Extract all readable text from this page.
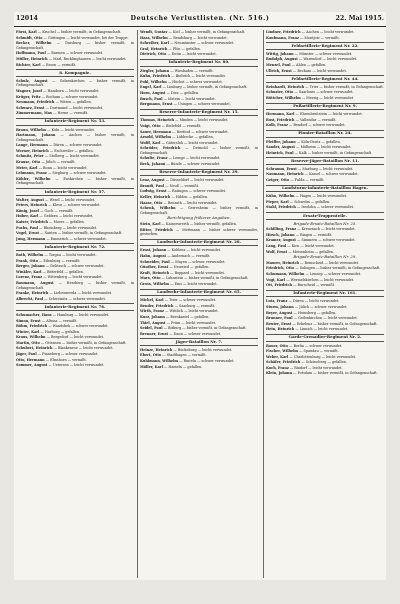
Deutsche Verlustlisten. (Nr. 516.)
12014	22. Mai 1915.
Fürst, Karl — Kruchel — bisher vermißt, in Gefangenschaft.
Schmidt, Otto — Göttingen — leicht verwundet, bei der Truppe.
Becker, Wilhelm — Duisburg — bisher vermißt, in Gefangenschaft.
Hoffmann, Paul — Barmen — schwer verwundet.
Müller, Heinrich — Marl, Recklinghausen — leicht verwundet.
Richter, Karl — Essen — vermißt.
8. Kompagnie.
Schulz, August — Gelsenkirchen — bisher vermißt, in Gefangenschaft.
Wagner, Josef — Hamborn — leicht verwundet.
Krüger, Fritz — Bochum — schwer verwundet.
Neumann, Friedrich — Witten — gefallen.
Schwarz, Ernst — Dortmund — leicht verwundet.
Zimmermann, Max — Herne — vermißt.
Infanterie-Regiment Nr. 53.
Braun, Wilhelm — Köln — leicht verwundet.
Hartmann, Johann — Aachen — bisher vermißt, in Gefangenschaft.
Lange, Hermann — Düren — schwer verwundet.
Werner, Heinrich — Eschweiler — gefallen.
Schmitz, Peter — Stolberg — leicht verwundet.
Krause, Otto — Jülich — vermißt.
Meier, Karl — Bonn — leicht verwundet.
Lehmann, Franz — Siegburg — schwer verwundet.
Köhler, Wilhelm — Euskirchen — bisher vermißt, in Gefangenschaft.
Infanterie-Regiment Nr. 57.
Walter, August — Wesel — leicht verwundet.
Peters, Heinrich — Kleve — schwer verwundet.
König, Josef — Goch — vermißt.
Huber, Karl — Geldern — leicht verwundet.
Kaiser, Friedrich — Moers — gefallen.
Fuchs, Paul — Rheinberg — leicht verwundet.
Vogel, Ernst — Xanten — bisher vermißt, in Gefangenschaft.
Jung, Hermann — Emmerich — schwer verwundet.
Infanterie-Regiment Nr. 72.
Roth, Wilhelm — Torgau — leicht verwundet.
Frank, Otto — Eilenburg — vermißt.
Berger, Johann — Delitzsch — schwer verwundet.
Winkler, Karl — Bitterfeld — gefallen.
Lorenz, Franz — Wittenberg — leicht verwundet.
Baumann, August — Herzberg — bisher vermißt, in Gefangenschaft.
Franke, Heinrich — Liebenwerda — leicht verwundet.
Albrecht, Paul — Schweinitz — schwer verwundet.
Infanterie-Regiment Nr. 76.
Schumacher, Hans — Hamburg — leicht verwundet.
Simon, Ernst — Altona — vermißt.
Böhm, Friedrich — Wandsbek — schwer verwundet.
Winter, Karl — Harburg — gefallen.
Kraus, Wilhelm — Bergedorf — leicht verwundet.
Martin, Otto — Ottensen — bisher vermißt, in Gefangenschaft.
Schubert, Heinrich — Blankenese — leicht verwundet.
Jäger, Paul — Pinneberg — schwer verwundet.
Otto, Hermann — Elmshorn — vermißt.
Sommer, August — Uetersen — leicht verwundet.
Wendt, Gustav — Kiel — bisher vermißt, in Gefangenschaft.
Haas, Wilhelm — Rendsburg — leicht verwundet.
Schreiber, Karl — Neumünster — schwer verwundet.
Graf, Heinrich — Plön — gefallen.
Dietrich, Otto — Eutin — leicht verwundet.
Infanterie-Regiment Nr. 80.
Ziegler, Johann — Wiesbaden — vermißt.
Kuhn, Friedrich — Biebrich — leicht verwundet.
Pohl, Wilhelm — Höchst — schwer verwundet.
Engel, Karl — Limburg — bisher vermißt, in Gefangenschaft.
Horn, August — Diez — gefallen.
Busch, Paul — Idstein — leicht verwundet.
Bergmann, Ernst — Usingen — schwer verwundet.
Reserve-Infanterie-Regiment Nr. 15.
Thomas, Heinrich — Minden — leicht verwundet.
Voigt, Otto — Bielefeld — vermißt.
Sauer, Hermann — Herford — schwer verwundet.
Arnold, Wilhelm — Lübbecke — gefallen.
Wolff, Karl — Gütersloh — leicht verwundet.
Schröder, Friedrich — Detmold — bisher vermißt, in Gefangenschaft.
Schulte, Franz — Lemgo — leicht verwundet.
Beck, Johann — Bünde — schwer verwundet.
Reserve-Infanterie-Regiment Nr. 39.
Lenz, August — Düsseldorf — leicht verwundet.
Brandt, Paul — Neuß — vermißt.
Ludwig, Ernst — Ratingen — schwer verwundet.
Keller, Heinrich — Hilden — gefallen.
Haase, Otto — Benrath — leicht verwundet.
Schenk, Wilhelm — Gerresheim — bisher vermißt, in Gefangenschaft.
Berichtigung früherer Angaben.
Stein, Karl — Kaiserswerth — bisher vermißt, gefallen.
Ritter, Friedrich — Mettmann — bisher schwer verwundet, gestorben.
Landwehr-Infanterie-Regiment Nr. 28.
Ernst, Johann — Koblenz — leicht verwundet.
Hahn, August — Andernach — vermißt.
Schneider, Paul — Mayen — schwer verwundet.
Günther, Ernst — Neuwied — gefallen.
Kraft, Heinrich — Boppard — leicht verwundet.
Marx, Otto — Lahnstein — bisher vermißt, in Gefangenschaft.
Gross, Wilhelm — Ems — leicht verwundet.
Landwehr-Infanterie-Regiment Nr. 65.
Michel, Karl — Trier — schwer verwundet.
Bender, Friedrich — Saarburg — vermißt.
Wirth, Franz — Wittlich — leicht verwundet.
Kurz, Johann — Bernkastel — gefallen.
Thiel, August — Prüm — leicht verwundet.
Seidel, Paul — Bitburg — bisher vermißt, in Gefangenschaft.
Brenner, Ernst — Daun — schwer verwundet.
Jäger-Bataillon Nr. 7.
Heinze, Heinrich — Bückeburg — leicht verwundet.
Ebert, Otto — Stadthagen — vermißt.
Kuhlmann, Wilhelm — Rinteln — schwer verwundet.
Möller, Karl — Hameln — gefallen.
Lindner, Friedrich — Aachen — leicht verwundet.
Kaufmann, Franz — Montjoie — vermißt.
Feldartillerie-Regiment Nr. 22.
Wittig, Johann — Münster — schwer verwundet.
Rudolph, August — Warendorf — leicht verwundet.
Menzel, Paul — Ahlen — gefallen.
Ullrich, Ernst — Beckum — leicht verwundet.
Feldartillerie-Regiment Nr. 44.
Reinhardt, Heinrich — Trier — bisher vermißt, in Gefangenschaft.
Schuster, Otto — Saarlouis — schwer verwundet.
Böttcher, Wilhelm — Merzig — leicht verwundet.
Fußartillerie-Regiment Nr. 9.
Hermann, Karl — Ehrenbreitstein — leicht verwundet.
Rost, Friedrich — Vallendar — vermißt.
Kolb, Franz — Bendorf — schwer verwundet.
Pionier-Bataillon Nr. 24.
Pfeiffer, Johann — Köln-Deutz — gefallen.
Sander, August — Mülheim — leicht verwundet.
Heinrich, Paul — Kalk — bisher vermißt, in Gefangenschaft.
Reserve-Jäger-Bataillon Nr. 11.
Schramm, Ernst — Marburg — leicht verwundet.
Naumann, Heinrich — Kassel — schwer verwundet.
Geiger, Otto — Fulda — vermißt.
Landsturm-Infanterie-Bataillon Hagen.
Kühn, Wilhelm — Hagen — leicht verwundet.
Pieper, Karl — Schwelm — gefallen.
Stahl, Friedrich — Iserlohn — schwer verwundet.
Ersatz-Truppenteile.
Brigade-Ersatz-Bataillon Nr. 25.
Schilling, Franz — Kreuznach — leicht verwundet.
Hirsch, Johann — Bingen — vermißt.
Kramer, August — Simmern — schwer verwundet.
Lang, Paul — Kirn — leicht verwundet.
Wolf, Ernst — Meisenheim — gefallen.
Brigade-Ersatz-Bataillon Nr. 29.
Maurer, Heinrich — Remscheid — leicht verwundet.
Friedrich, Otto — Solingen — bisher vermißt, in Gefangenschaft.
Schumann, Wilhelm — Lennep — schwer verwundet.
Vogt, Karl — Wermelskirchen — leicht verwundet.
Ott, Friedrich — Burscheid — vermißt.
Infanterie-Regiment Nr. 161.
Lutz, Franz — Düren — leicht verwundet.
Sturm, Johann — Jülich — schwer verwundet.
Beyer, August — Heinsberg — gefallen.
Brunner, Paul — Geilenkirchen — leicht verwundet.
Reuter, Ernst — Erkelenz — bisher vermißt, in Gefangenschaft.
Hein, Heinrich — Linnich — leicht verwundet.
Garde-Grenadier-Regiment Nr. 2.
Bauer, Otto — Berlin — schwer verwundet.
Fischer, Wilhelm — Spandau — vermißt.
Weber, Karl — Charlottenburg — leicht verwundet.
Schäfer, Friedrich — Schöneberg — gefallen.
Koch, Franz — Rixdorf — leicht verwundet.
Klein, Johann — Potsdam — bisher vermißt, in Gefangenschaft.
